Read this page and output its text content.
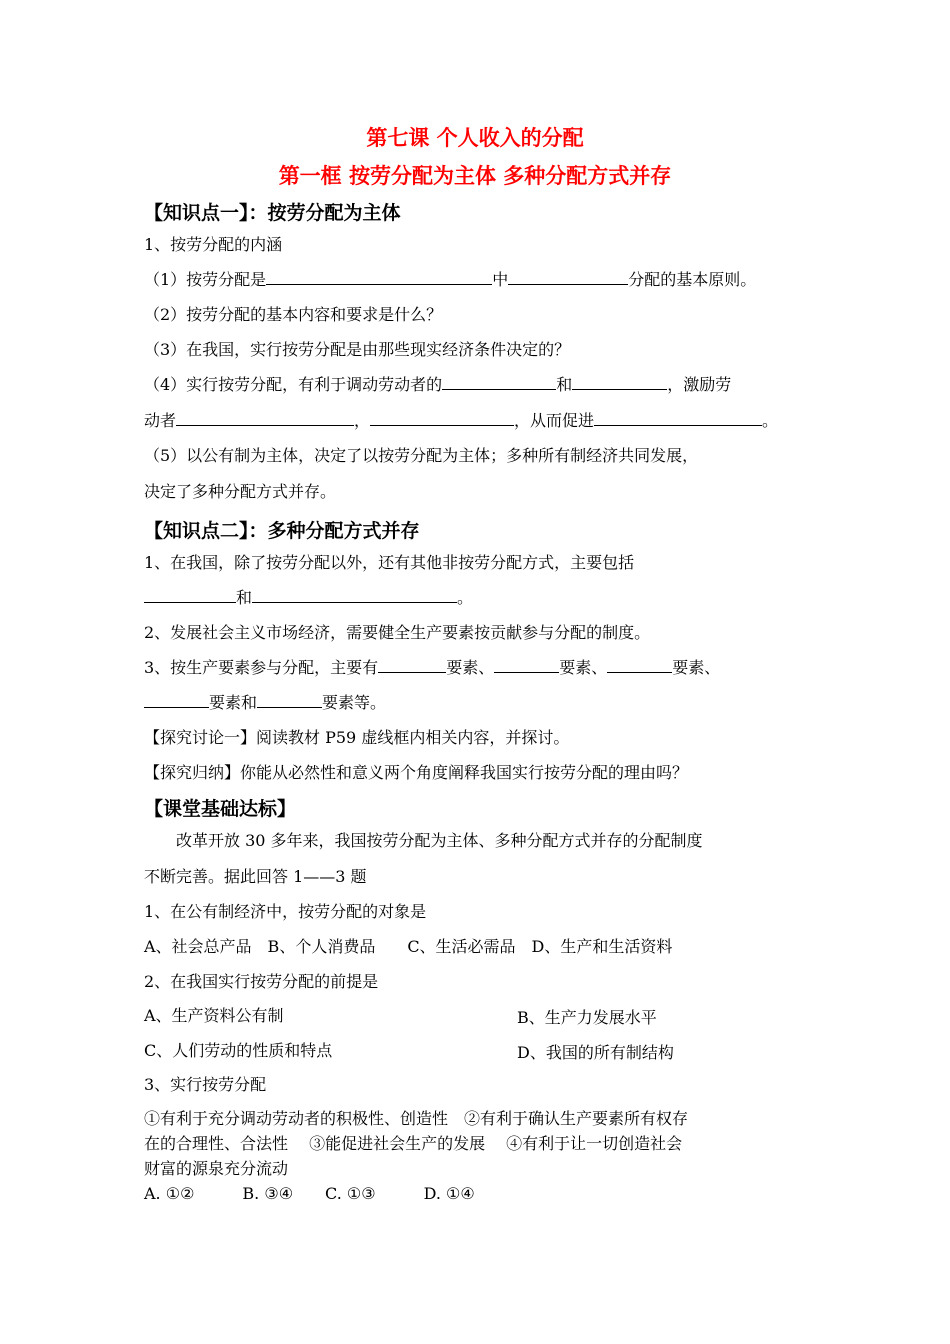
第七课 个人收入的分配
第一框 按劳分配为主体 多种分配方式并存
【知识点一】：按劳分配为主体
1、按劳分配的内涵
（1）按劳分配是	中	分配的基本原则。
（2）按劳分配的基本内容和要求是什么？
（3）在我国，实行按劳分配是由那些现实经济条件决定的？
（4）实行按劳分配，有利于调动劳动者的	和	，激励劳
动者	，	，从而促进	。
（5）以公有制为主体，决定了以按劳分配为主体；多种所有制经济共同发展，
决定了多种分配方式并存。
【知识点二】：多种分配方式并存
1、在我国，除了按劳分配以外，还有其他非按劳分配方式，主要包括
和	。
2、发展社会主义市场经济，需要健全生产要素按贡献参与分配的制度。
3、按生产要素参与分配，主要有	要素、	要素、	要素、
要素和	要素等。
【探究讨论一】阅读教材 P59 虚线框内相关内容，并探讨。
【探究归纳】你能从必然性和意义两个角度阐释我国实行按劳分配的理由吗？
【课堂基础达标】
改革开放 30 多年来，我国按劳分配为主体、多种分配方式并存的分配制度
不断完善。据此回答 1——3 题
1、在公有制经济中，按劳分配的对象是
A、社会总产品　B、个人消费品　　C、生活必需品　D、生产和生活资料
2、在我国实行按劳分配的前提是
A、生产资料公有制	B、生产力发展水平
C、人们劳动的性质和特点	D、我国的所有制结构
3、实行按劳分配
①有利于充分调动劳动者的积极性、创造性　②有利于确认生产要素所有权存
在的合理性、合法性　 ③能促进社会生产的发展　 ④有利于让一切创造社会
财富的源泉充分流动
A. ①②　　　B. ③④　　C. ①③　　　D. ①④
